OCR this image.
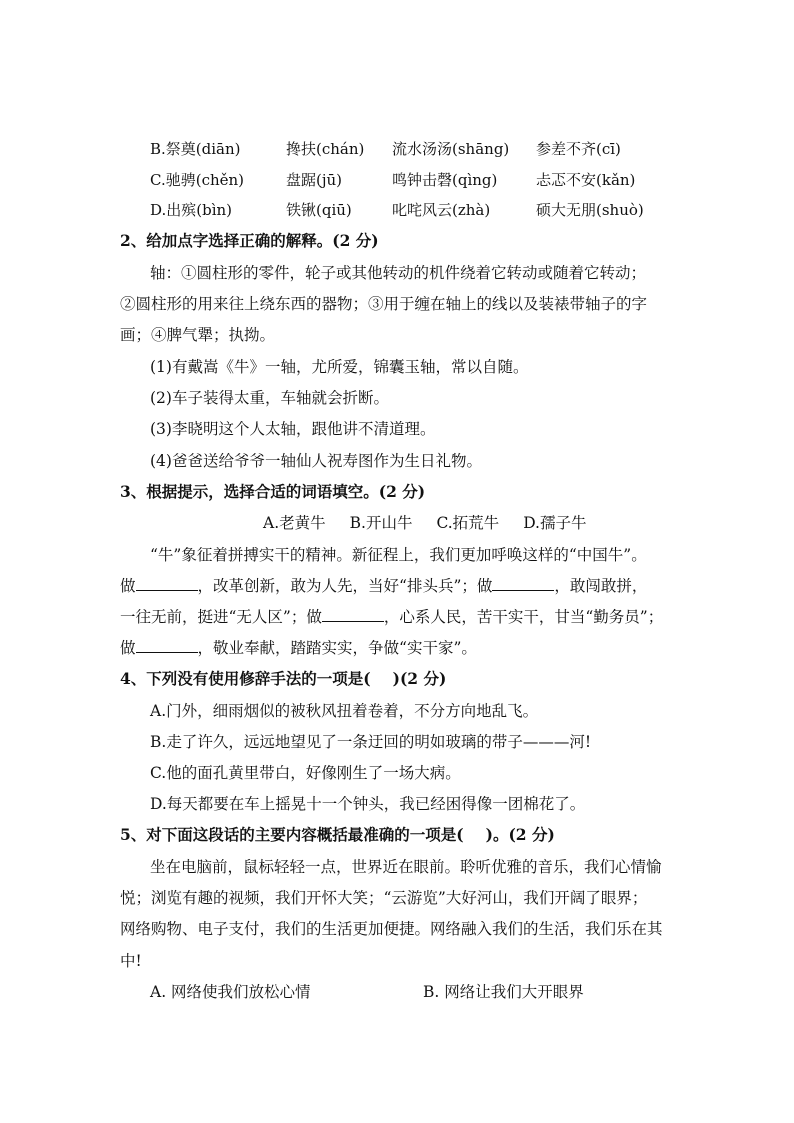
B.祭奠(diān)	搀扶(chán) 流水汤汤(shāng) 参差不齐(cī)
C.驰骋(chěn)	盘踞(jū)	鸣钟击磬(qìng)	忐忑不安(kǎn)
D.出殡(bìn)	铁锹(qiū)	叱咤风云(zhà)	硕大无朋(shuò)
2、给加点字选择正确的解释。(2 分)
轴：①圆柱形的零件，轮子或其他转动的机件绕着它转动或随着它转动；
②圆柱形的用来往上绕东西的器物；③用于缠在轴上的线以及装裱带轴子的字
画；④脾气犟；执拗。
(1)有戴嵩《牛》一轴，尤所爱，锦囊玉轴，常以自随。
(2)车子装得太重，车轴就会折断。
(3)李晓明这个人太轴，跟他讲不清道理。
(4)爸爸送给爷爷一轴仙人祝寿图作为生日礼物。
3、根据提示，选择合适的词语填空。(2 分)
A.老黄牛 B.开山牛 C.拓荒牛 D.孺子牛
“牛”象征着拼搏实干的精神。新征程上，我们更加呼唤这样的“中国牛”。
做	，改革创新，敢为人先，当好“排头兵”；做	，敢闯敢拼，
一往无前，挺进“无人区”；做	，心系人民，苦干实干，甘当“勤务员”；
做	，敬业奉献，踏踏实实，争做“实干家”。
4、下列没有使用修辞手法的一项是( )(2 分)
A.门外，细雨烟似的被秋风扭着卷着，不分方向地乱飞。
B.走了许久，远远地望见了一条迂回的明如玻璃的带子———河!
C.他的面孔黄里带白，好像刚生了一场大病。
D.每天都要在车上摇晃十一个钟头，我已经困得像一团棉花了。
5、对下面这段话的主要内容概括最准确的一项是( )。(2 分)
坐在电脑前，鼠标轻轻一点，世界近在眼前。聆听优雅的音乐，我们心情愉
悦；浏览有趣的视频，我们开怀大笑；“云游览”大好河山，我们开阔了眼界；
网络购物、电子支付，我们的生活更加便捷。网络融入我们的生活，我们乐在其
中!
A. 网络使我们放松心情	B. 网络让我们大开眼界
